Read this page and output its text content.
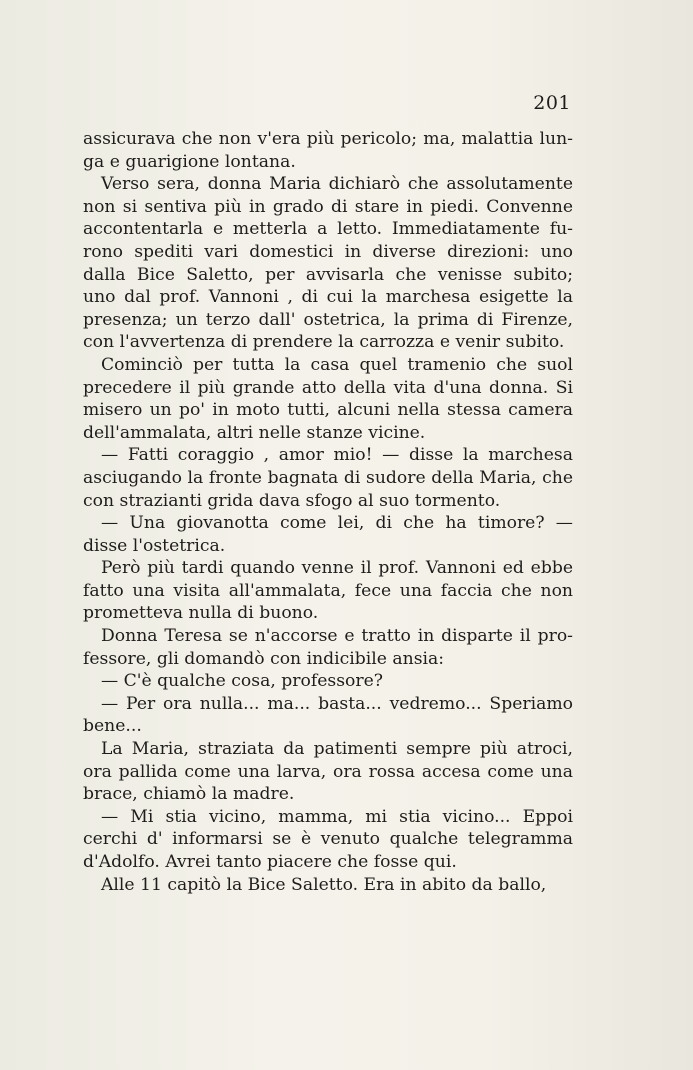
201

assicurava che non v'era più pericolo; ma, malattia lun-
ga e guarigione lontana.

Verso sera, donna Maria dichiarò che assolutamente
non si sentiva più in grado di stare in piedi. Convenne
accontentarla e metterla a letto. Immediatamente fu-
rono spediti vari domestici in diverse direzioni: uno
dalla Bice Saletto, per avvisarla che venisse subito;
uno dal prof. Vannoni , di cui la marchesa esigette la
presenza; un terzo dall' ostetrica, la prima di Firenze,
con l'avvertenza di prendere la carrozza e venir subito.

Cominciò per tutta la casa quel tramenio che suol
precedere il più grande atto della vita d'una donna. Si
misero un po' in moto tutti, alcuni nella stessa camera
dell'ammalata, altri nelle stanze vicine.

— Fatti coraggio , amor mio! — disse la marchesa
asciugando la fronte bagnata di sudore della Maria, che
con strazianti grida dava sfogo al suo tormento.

— Una giovanotta come lei, di che ha timore? —
disse l'ostetrica.

Però più tardi quando venne il prof. Vannoni ed ebbe
fatto una visita all'ammalata, fece una faccia che non
prometteva nulla di buono.

Donna Teresa se n'accorse e tratto in disparte il pro-
fessore, gli domandò con indicibile ansia:

— C'è qualche cosa, professore?

— Per ora nulla... ma... basta... vedremo... Speriamo
bene...

La Maria, straziata da patimenti sempre più atroci,
ora pallida come una larva, ora rossa accesa come una
brace, chiamò la madre.

— Mi stia vicino, mamma, mi stia vicino... Eppoi
cerchi d' informarsi se è venuto qualche telegramma
d'Adolfo. Avrei tanto piacere che fosse qui.

Alle 11 capitò la Bice Saletto. Era in abito da ballo,
